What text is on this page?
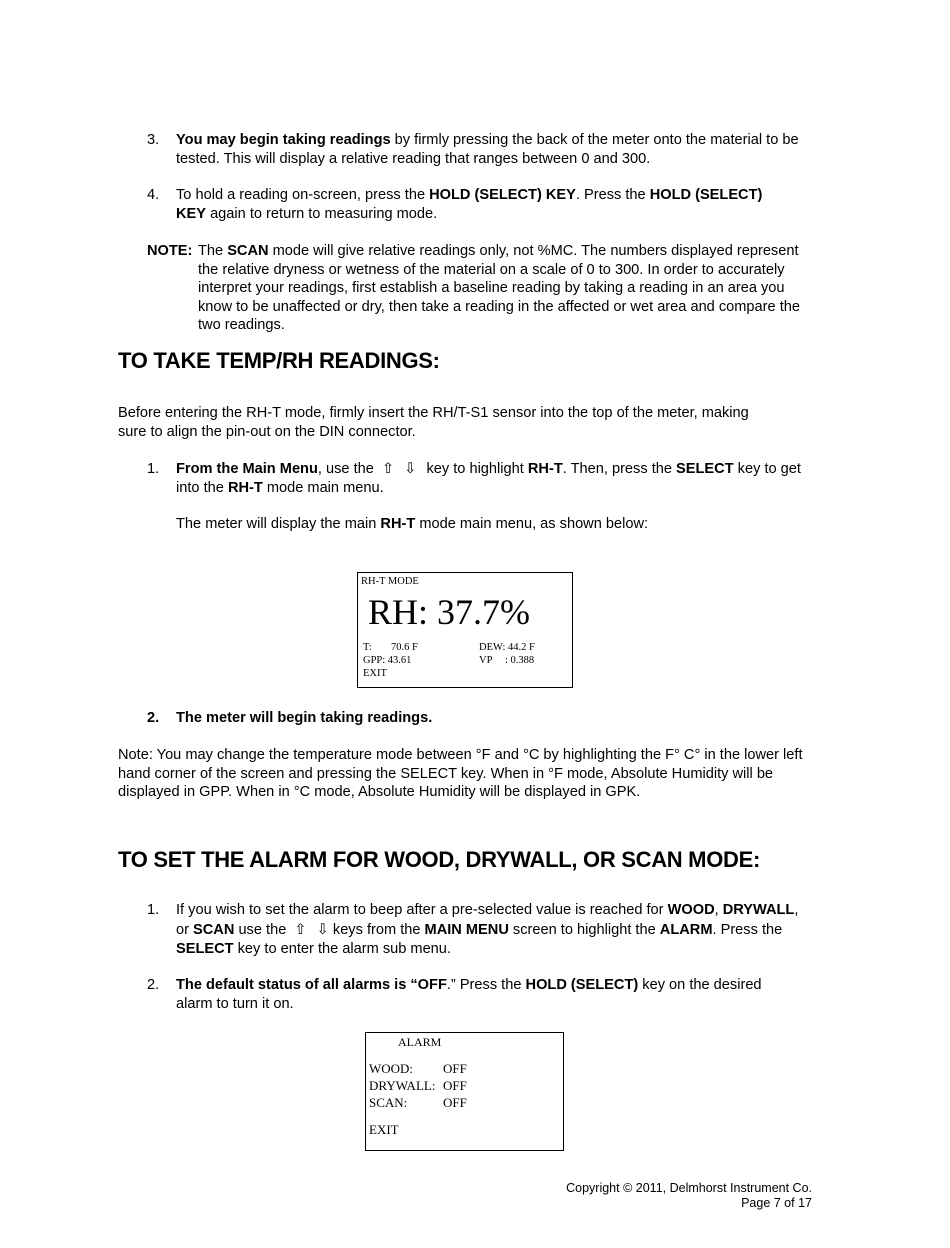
3. You may begin taking readings by firmly pressing the back of the meter onto the material to be tested. This will display a relative reading that ranges between 0 and 300.
4. To hold a reading on-screen, press the HOLD (SELECT) KEY. Press the HOLD (SELECT) KEY again to return to measuring mode.
NOTE: The SCAN mode will give relative readings only, not %MC. The numbers displayed represent the relative dryness or wetness of the material on a scale of 0 to 300. In order to accurately interpret your readings, first establish a baseline reading by taking a reading in an area you know to be unaffected or dry, then take a reading in the affected or wet area and compare the two readings.
TO TAKE TEMP/RH READINGS:
Before entering the RH-T mode, firmly insert the RH/T-S1 sensor into the top of the meter, making sure to align the pin-out on the DIN connector.
1. From the Main Menu, use the ⇧ ⇩ key to highlight RH-T. Then, press the SELECT key to get into the RH-T mode main menu.
The meter will display the main RH-T mode main menu, as shown below:
RH-T MODE
RH: 37.7%
T: 70.6 F	DEW: 44.2 F
GPP: 43.61	VP : 0.388
EXIT
2. The meter will begin taking readings.
Note: You may change the temperature mode between °F and °C by highlighting the F° C° in the lower left hand corner of the screen and pressing the SELECT key. When in °F mode, Absolute Humidity will be displayed in GPP. When in °C mode, Absolute Humidity will be displayed in GPK.
TO SET THE ALARM FOR WOOD, DRYWALL, OR SCAN MODE:
1. If you wish to set the alarm to beep after a pre-selected value is reached for WOOD, DRYWALL, or SCAN use the ⇧ ⇩ keys from the MAIN MENU screen to highlight the ALARM. Press the SELECT key to enter the alarm sub menu.
2. The default status of all alarms is “OFF.” Press the HOLD (SELECT) key on the desired alarm to turn it on.
ALARM
WOOD: OFF
DRYWALL: OFF
SCAN:	OFF
EXIT
Copyright © 2011, Delmhorst Instrument Co.
Page 7 of 17
